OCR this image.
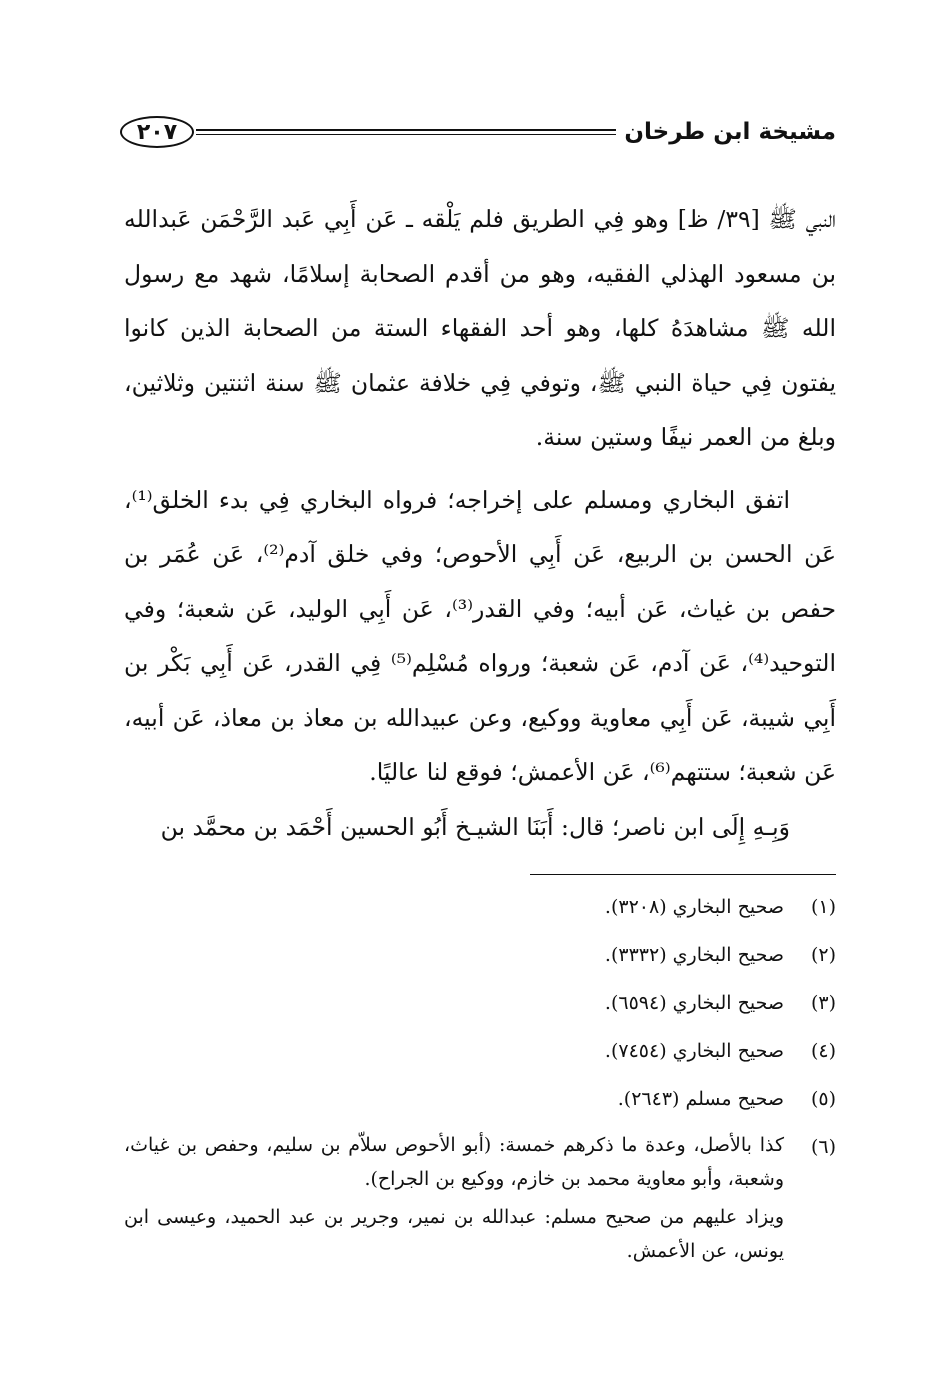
مشيخة ابن طرخان
٢٠٧

النبي ﷺ [٣٩/ ظ] وهو فِي الطريق فلم يَلْقه ـ عَن أَبِي عَبد الرَّحْمَن عَبدالله بن مسعود الهذلي الفقيه، وهو من أقدم الصحابة إسلامًا، شهد مع رسول الله ﷺ مشاهدَهُ كلها، وهو أحد الفقهاء الستة من الصحابة الذين كانوا يفتون فِي حياة النبي ﷺ، وتوفي فِي خلافة عثمان ﷺ سنة اثنتين وثلاثين، وبلغ من العمر نيفًا وستين سنة.

اتفق البخاري ومسلم على إخراجه؛ فرواه البخاري فِي بدء الخلق⁽¹⁾، عَن الحسن بن الربيع، عَن أَبِي الأحوص؛ وفي خلق آدم⁽²⁾، عَن عُمَر بن حفص بن غياث، عَن أبيه؛ وفي القدر⁽³⁾، عَن أَبِي الوليد، عَن شعبة؛ وفي التوحيد⁽⁴⁾، عَن آدم، عَن شعبة؛ ورواه مُسْلِم⁽⁵⁾ فِي القدر، عَن أَبِي بَكْر بن أَبِي شيبة، عَن أَبِي معاوية ووكيع، وعن عبيدالله بن معاذ بن معاذ، عَن أبيه، عَن شعبة؛ ستتهم⁽⁶⁾، عَن الأعمش؛ فوقع لنا عاليًا.

وَبِـهِ إِلَى ابن ناصر؛ قال: أَبَنَا الشيـخ أَبُو الحسين أَحْمَد بن محمَّد بن

(١)
صحيح البخاري (٣٢٠٨).
(٢)
صحيح البخاري (٣٣٣٢).
(٣)
صحيح البخاري (٦٥٩٤).
(٤)
صحيح البخاري (٧٤٥٤).
(٥)
صحيح مسلم (٢٦٤٣).
(٦)
كذا بالأصل، وعدة ما ذكرهم خمسة: (أبو الأحوص سلاّم بن سليم، وحفص بن غياث، وشعبة، وأبو معاوية محمد بن خازم، ووكيع بن الجراح).
ويزاد عليهم من صحيح مسلم: عبدالله بن نمير، وجرير بن عبد الحميد، وعيسى ابن يونس، عن الأعمش.
